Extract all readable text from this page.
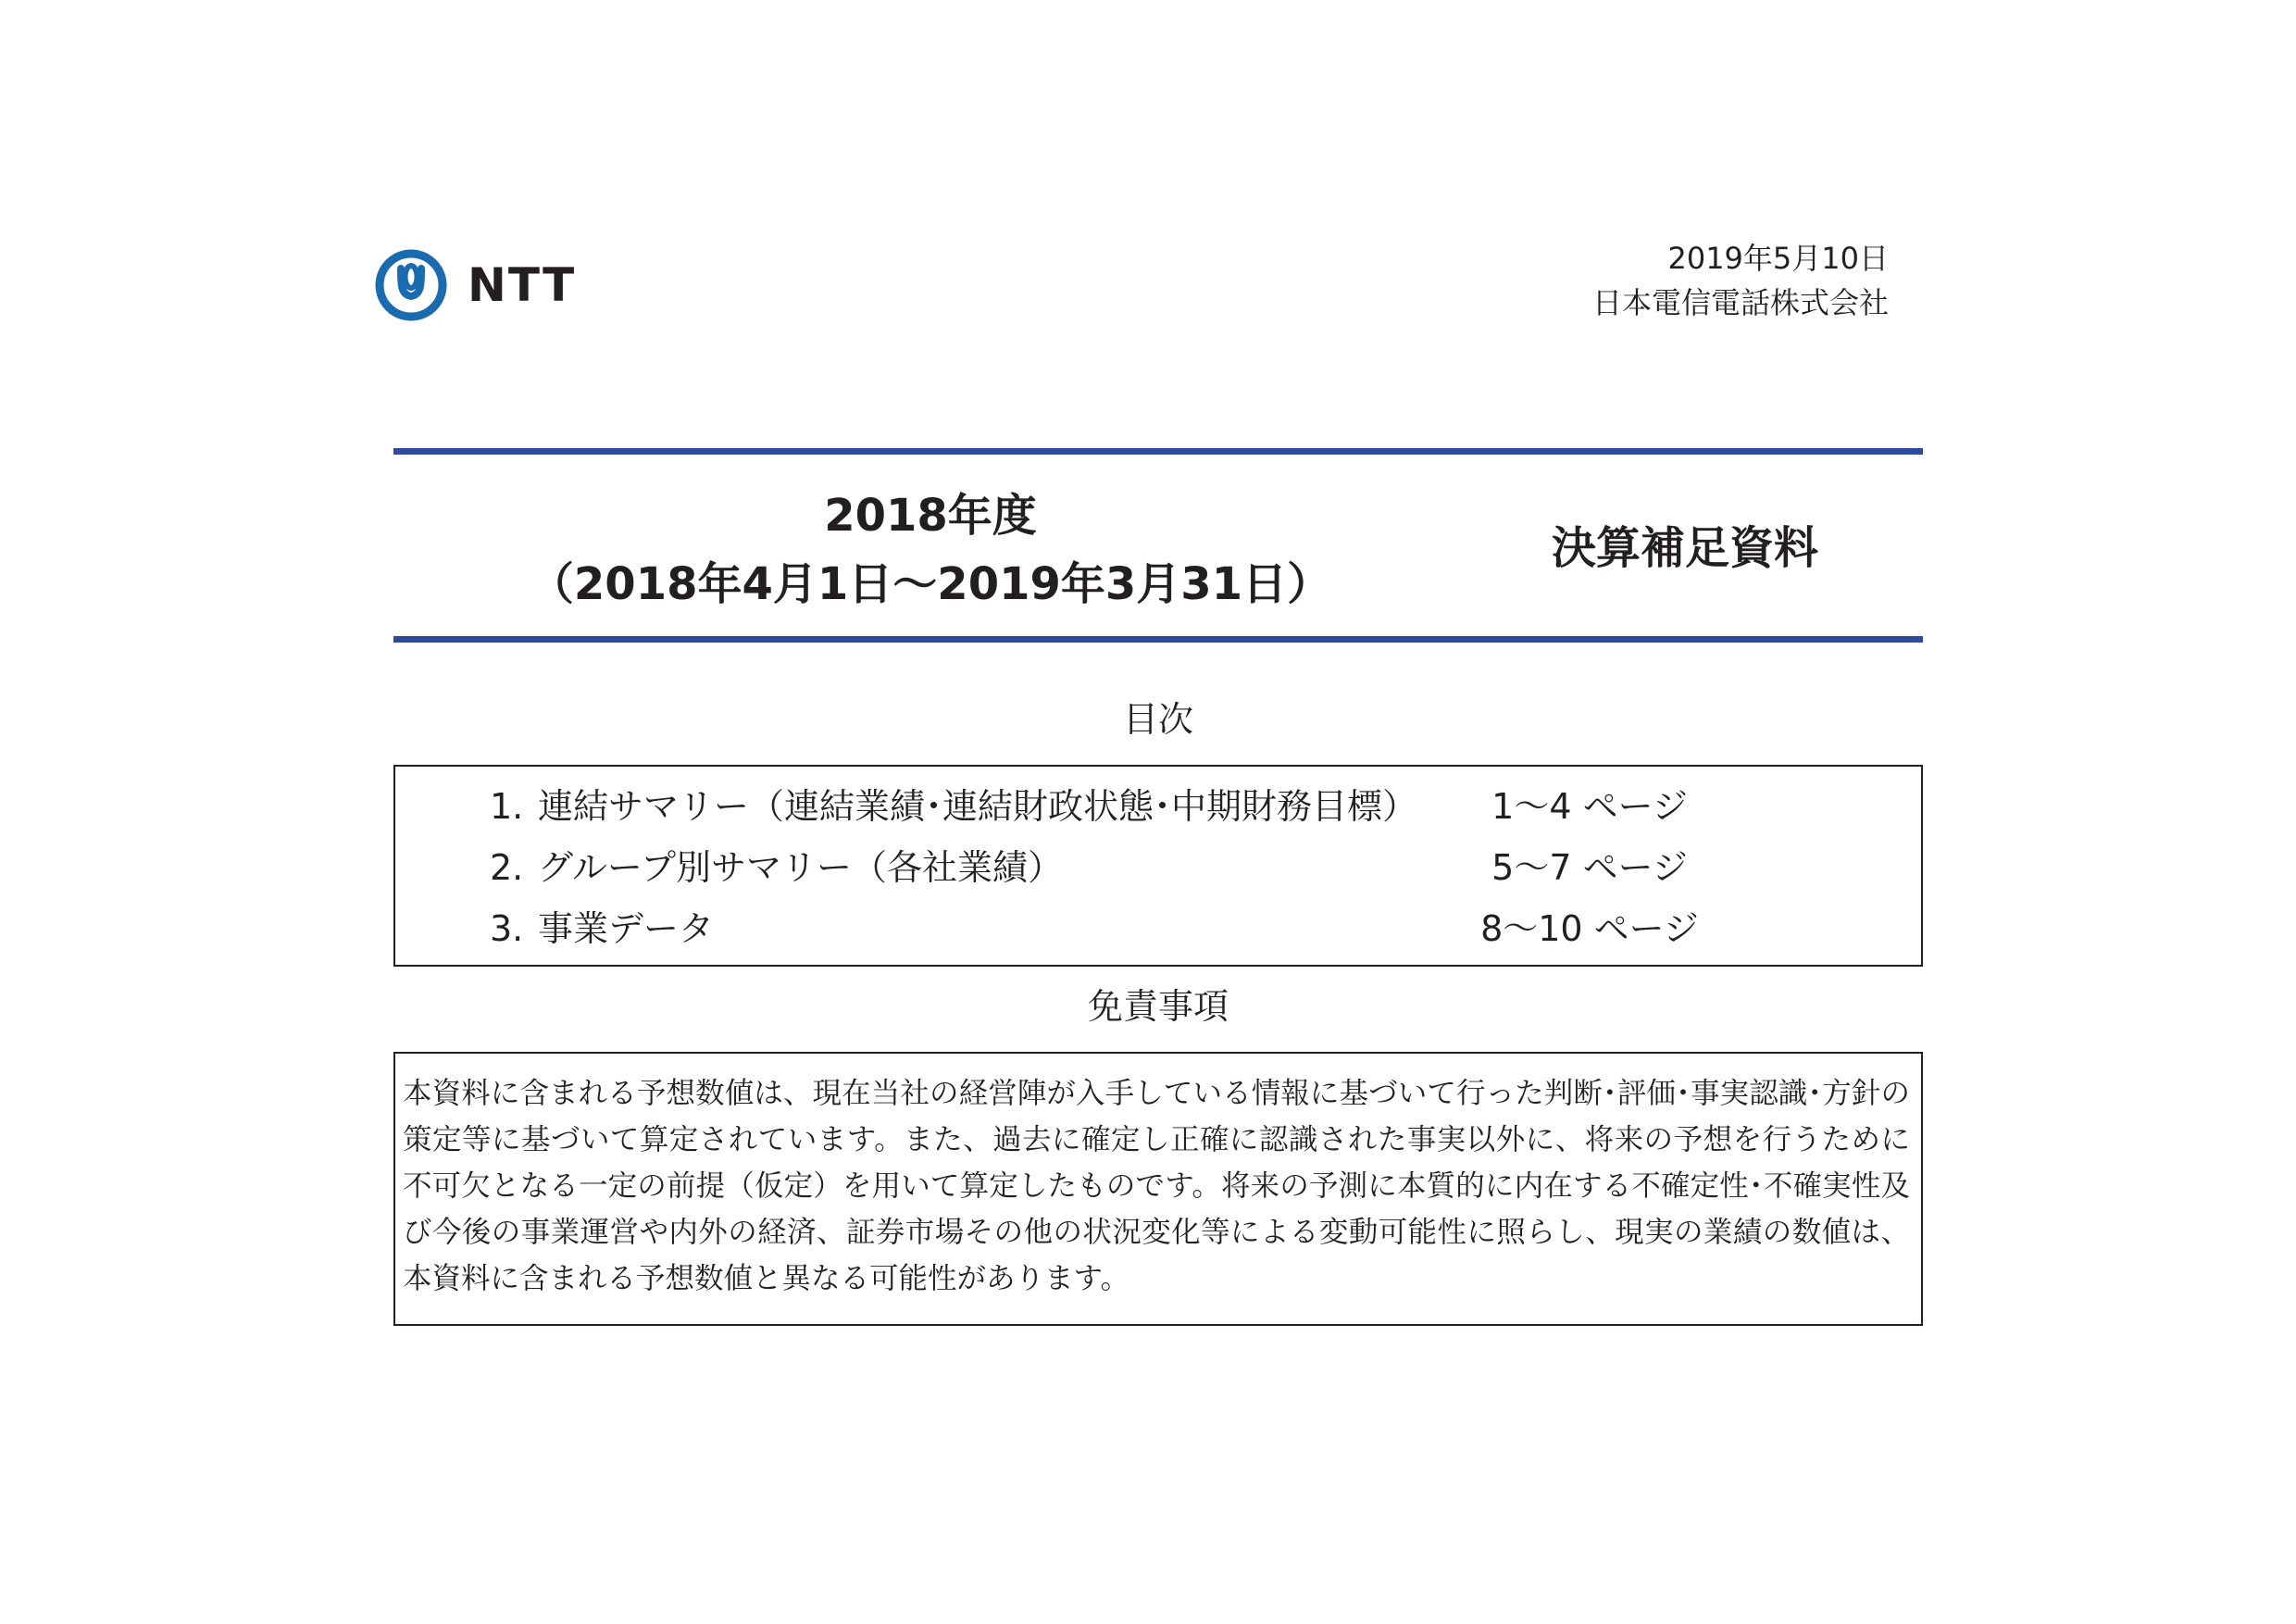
NTT	2019年5月10日
日本電信電話株式会社
2018年度
（2018年4月1日～2019年3月31日）
決算補足資料
目次
1. 連結サマリー（連結業績･連結財政状態･中期財務目標）	1～4 ページ
2. グループ別サマリー（各社業績）	5～7 ページ
3. 事業データ	8～10 ページ
免責事項

本資料に含まれる予想数値は、現在当社の経営陣が入手している情報に基づいて行った判断･評価･事実認識･方針の策定等に基づいて算定されています。また、過去に確定し正確に認識された事実以外に、将来の予想を行うために不可欠となる一定の前提（仮定）を用いて算定したものです。将来の予測に本質的に内在する不確定性･不確実性及び今後の事業運営や内外の経済、証券市場その他の状況変化等による変動可能性に照らし、現実の業績の数値は、本資料に含まれる予想数値と異なる可能性があります。
